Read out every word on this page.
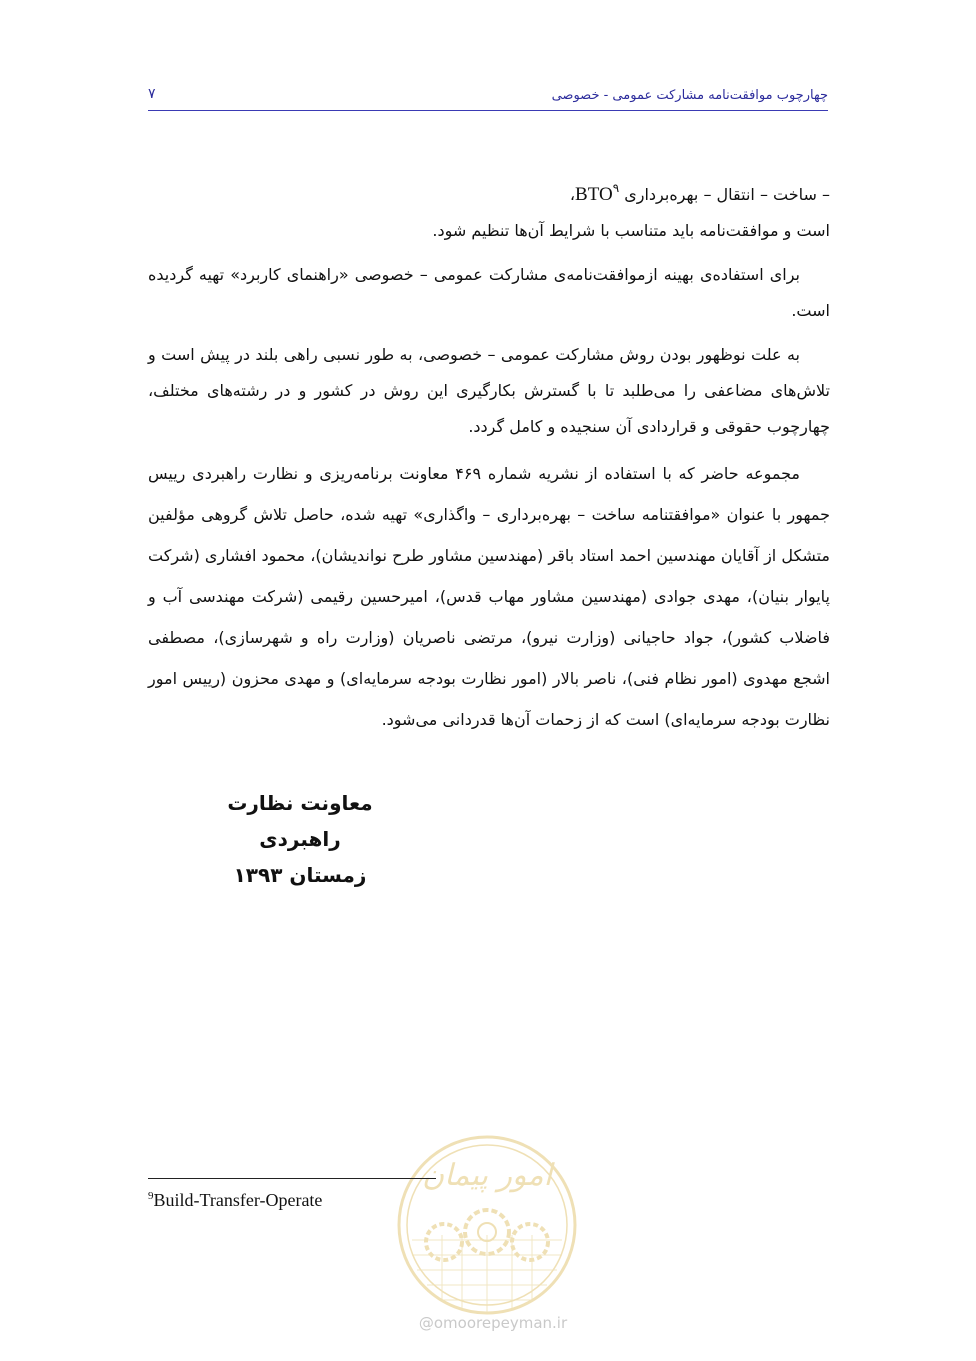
چهارچوب موافقت‌نامه مشارکت عمومی - خصوصی
۷
– ساخت – انتقال – بهره‌برداری $^۹$BTO،

است و موافقت‌نامه باید متناسب با شرایط آن‌ها تنظیم شود.

برای استفاده‌ی بهینه ازموافقت‌نامه‌ی مشارکت عمومی – خصوصی «راهنمای کاربرد» تهیه گردیده است.

به علت نوظهور بودن روش مشارکت عمومی – خصوصی، به طور نسبی راهی بلند در پیش است و تلاش‌های مضاعفی را می‌طلبد تا با گسترش بکارگیری این روش در کشور و در رشته‌های مختلف، چهارچوب حقوقی و قراردادی آن سنجیده و کامل گردد.

مجموعه حاضر که با استفاده از نشریه شماره ۴۶۹ معاونت برنامه‌ریزی و نظارت راهبردی رییس جمهور با عنوان «موافقتنامه ساخت – بهره‌برداری – واگذاری» تهیه شده، حاصل تلاش گروهی مؤلفین متشکل از آقایان مهندسین احمد استاد باقر (مهندسین مشاور طرح نواندیشان)، محمود افشاری (شرکت پایوار بنیان)، مهدی جوادی (مهندسین مشاور مهاب قدس)، امیرحسین رقیمی (شرکت مهندسی آب و فاضلاب کشور)، جواد حاجیانی (وزارت نیرو)، مرتضی ناصریان (وزارت راه و شهرسازی)، مصطفی اشجع مهدوی (امور نظام فنی)، ناصر بالار (امور نظارت بودجه سرمایه‌ای) و مهدی محزون (رییس امور نظارت بودجه سرمایه‌ای) است که از زحمات آن‌ها قدردانی می‌شود.

معاونت نظارت راهبردی
زمستان ۱۳۹۳
امور پیمان
@omoorepeyman.ir
$^9$Build-Transfer-Operate
